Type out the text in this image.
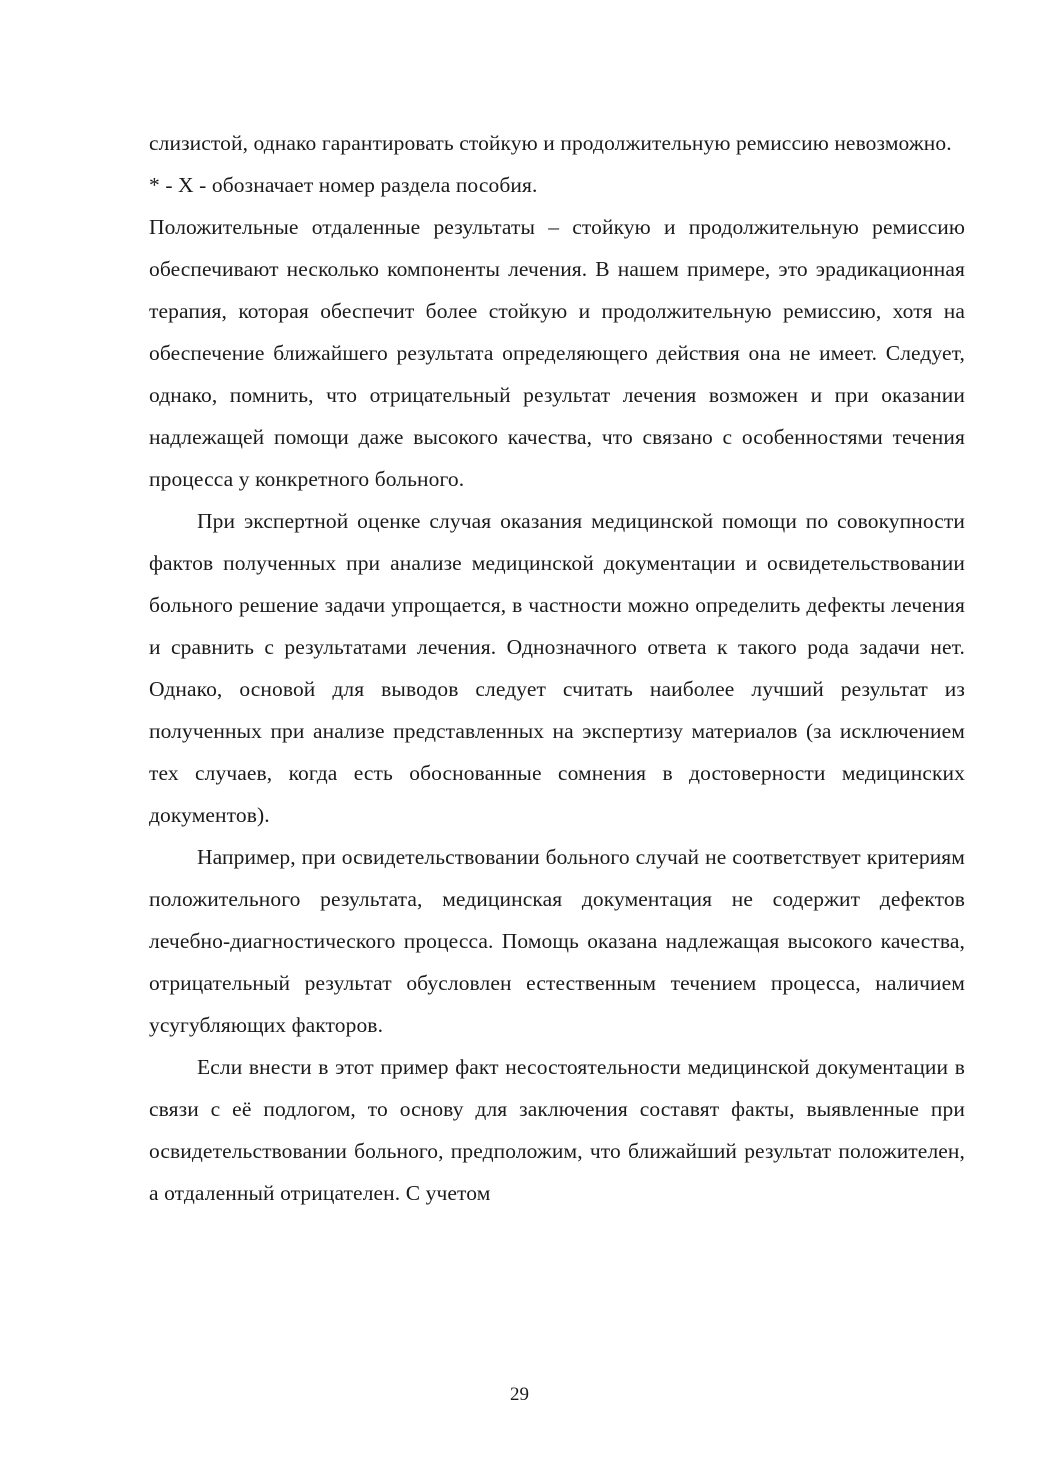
слизистой, однако гарантировать стойкую и продолжительную ремиссию невозможно.

* - X - обозначает номер раздела пособия.

Положительные отдаленные результаты – стойкую и продолжительную ремиссию обеспечивают несколько компоненты лечения. В нашем примере, это эрадикационная терапия, которая обеспечит более стойкую и продолжительную ремиссию, хотя на обеспечение ближайшего результата определяющего действия она не имеет. Следует, однако, помнить, что отрицательный результат лечения возможен и при оказании надлежащей помощи даже высокого качества, что связано с особенностями течения процесса у конкретного больного.

При экспертной оценке случая оказания медицинской помощи по совокупности фактов полученных при анализе медицинской документации и освидетельствовании больного решение задачи упрощается, в частности можно определить дефекты лечения и сравнить с результатами лечения. Однозначного ответа к такого рода задачи нет. Однако, основой для выводов следует считать наиболее лучший результат из полученных при анализе представленных на экспертизу материалов (за исключением тех случаев, когда есть обоснованные сомнения в достоверности медицинских документов).

Например, при освидетельствовании больного случай не соответствует критериям положительного результата, медицинская документация не содержит дефектов лечебно-диагностического процесса. Помощь оказана надлежащая высокого качества, отрицательный результат обусловлен естественным течением процесса, наличием усугубляющих факторов.

Если внести в этот пример факт несостоятельности медицинской документации в связи с её подлогом, то основу для заключения составят факты, выявленные при освидетельствовании больного, предположим, что ближайший результат положителен, а отдаленный отрицателен. С учетом

29
